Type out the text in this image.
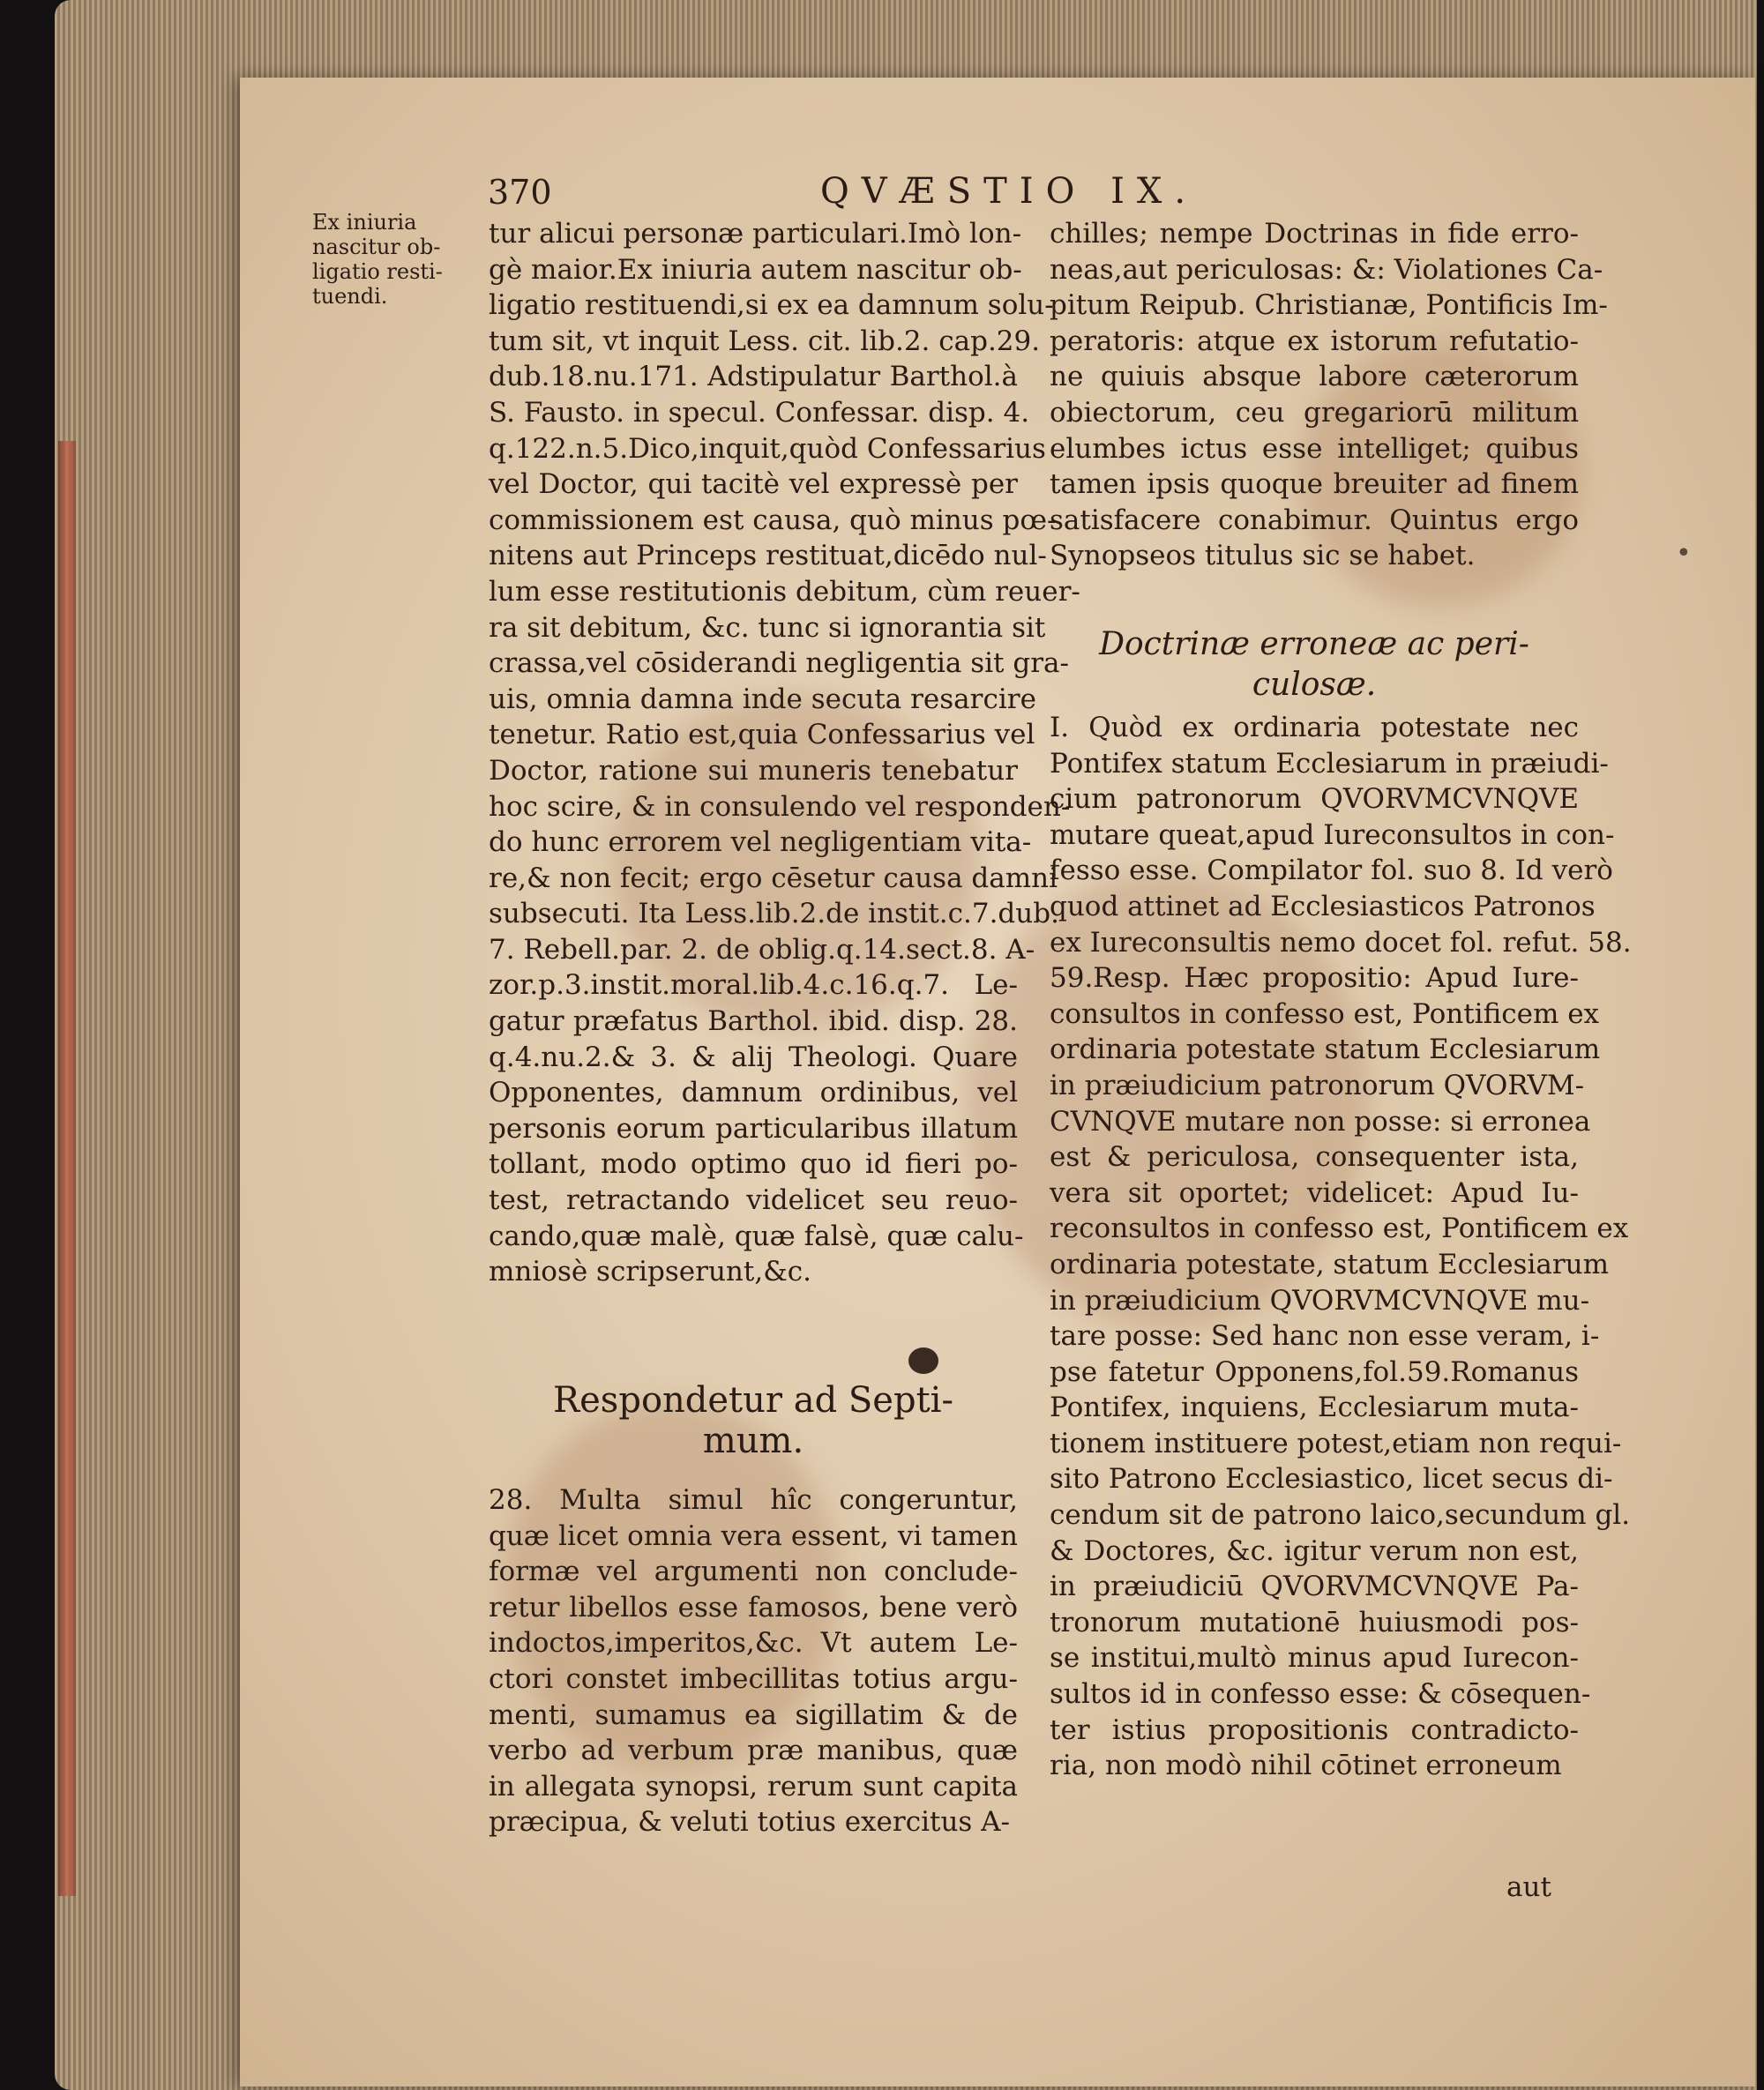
370	QVÆSTIO IX.
Ex iniuria
nascitur ob-
ligatio resti-
tuendi.
tur alicui personæ particulari.Imò lon-
gè maior.Ex iniuria autem nascitur ob-
ligatio restituendi,si ex ea damnum solu-
tum sit, vt inquit Less. cit. lib.2. cap.29.
dub.18.nu.171. Adstipulatur Barthol.à
S. Fausto. in specul. Confessar. disp. 4.
q.122.n.5.Dico,inquit,quòd Confessarius
vel Doctor, qui tacitè vel expressè per
commissionem est causa, quò minus pœ-
nitens aut Princeps restituat,dicēdo nul-
lum esse restitutionis debitum, cùm reuer-
ra sit debitum, &c. tunc si ignorantia sit
crassa,vel cōsiderandi negligentia sit gra-
uis, omnia damna inde secuta resarcire
tenetur. Ratio est,quia Confessarius vel
Doctor, ratione sui muneris tenebatur
hoc scire, & in consulendo vel responden-
do hunc errorem vel negligentiam vita-
re,& non fecit; ergo cēsetur causa damni
subsecuti. Ita Less.lib.2.de instit.c.7.dub.
7. Rebell.par. 2. de oblig.q.14.sect.8. A-
zor.p.3.instit.moral.lib.4.c.16.q.7. Le-
gatur præfatus Barthol. ibid. disp. 28.
q.4.nu.2.& 3. & alij Theologi. Quare
Opponentes, damnum ordinibus, vel
personis eorum particularibus illatum
tollant, modo optimo quo id fieri po-
test, retractando videlicet seu reuo-
cando,quæ malè, quæ falsè, quæ calu-
mniosè scripserunt,&c.
Respondetur ad Septi-
mum.
28. Multa simul hîc congeruntur,
quæ licet omnia vera essent, vi tamen
formæ vel argumenti non conclude-
retur libellos esse famosos, bene verò
indoctos,imperitos,&c. Vt autem Le-
ctori constet imbecillitas totius argu-
menti, sumamus ea sigillatim & de
verbo ad verbum præ manibus, quæ
in allegata synopsi, rerum sunt capita
præcipua, & veluti totius exercitus A-
chilles; nempe Doctrinas in fide erro-
neas,aut periculosas: &: Violationes Ca-
pitum Reipub. Christianæ, Pontificis Im-
peratoris: atque ex istorum refutatio-
ne quiuis absque labore cæterorum
obiectorum, ceu gregariorū militum
elumbes ictus esse intelliget; quibus
tamen ipsis quoque breuiter ad finem
satisfacere conabimur. Quintus ergo
Synopseos titulus sic se habet.
Doctrinæ erroneæ ac peri-
culosæ.
I. Quòd ex ordinaria potestate nec
Pontifex statum Ecclesiarum in præiudi-
cium patronorum QVORVMCVNQVE
mutare queat,apud Iureconsultos in con-
fesso esse. Compilator fol. suo 8. Id verò
quod attinet ad Ecclesiasticos Patronos
ex Iureconsultis nemo docet fol. refut. 58.
59.Resp. Hæc propositio: Apud Iure-
consultos in confesso est, Pontificem ex
ordinaria potestate statum Ecclesiarum
in præiudicium patronorum QVORVM-
CVNQVE mutare non posse: si erronea
est & periculosa, consequenter ista,
vera sit oportet; videlicet: Apud Iu-
reconsultos in confesso est, Pontificem ex
ordinaria potestate, statum Ecclesiarum
in præiudicium QVORVMCVNQVE mu-
tare posse: Sed hanc non esse veram, i-
pse fatetur Opponens,fol.59.Romanus
Pontifex, inquiens, Ecclesiarum muta-
tionem instituere potest,etiam non requi-
sito Patrono Ecclesiastico, licet secus di-
cendum sit de patrono laico,secundum gl.
& Doctores, &c. igitur verum non est,
in præiudiciū QVORVMCVNQVE Pa-
tronorum mutationē huiusmodi pos-
se institui,multò minus apud Iurecon-
sultos id in confesso esse: & cōsequen-
ter istius propositionis contradicto-
ria, non modò nihil cōtinet erroneum
aut
•
